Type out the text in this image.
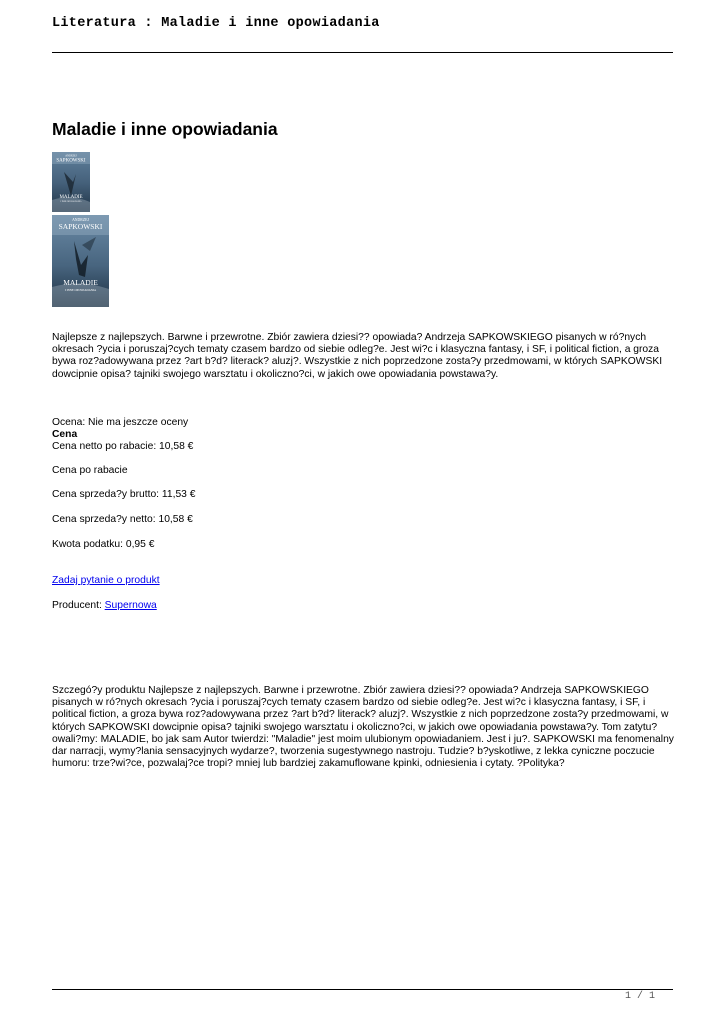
Literatura : Maladie i inne opowiadania
Maladie i inne opowiadania
ANDRZEJ
SAPKOWSKI
MALADIE
I INNE OPOWIADANIA
ANDRZEJ
SAPKOWSKI
MALADIE
I INNE OPOWIADANIA
Najlepsze z najlepszych. Barwne i przewrotne. Zbiór zawiera dziesi?? opowiada? Andrzeja SAPKOWSKIEGO pisanych w ró?nych okresach ?ycia i poruszaj?cych tematy czasem bardzo od siebie odleg?e. Jest wi?c i klasyczna fantasy, i SF, i political fiction, a groza bywa roz?adowywana przez ?art b?d? literack? aluzj?. Wszystkie z nich poprzedzone zosta?y przedmowami, w których SAPKOWSKI dowcipnie opisa? tajniki swojego warsztatu i okoliczno?ci, w jakich owe opowiadania powstawa?y.
Ocena: Nie ma jeszcze oceny
Cena
Cena netto po rabacie: 10,58 €
Cena po rabacie
Cena sprzeda?y brutto: 11,53 €
Cena sprzeda?y netto: 10,58 €
Kwota podatku: 0,95 €
Zadaj pytanie o produkt
Producent: Supernowa
Szczegó?y produktu Najlepsze z najlepszych. Barwne i przewrotne. Zbiór zawiera dziesi?? opowiada? Andrzeja SAPKOWSKIEGO pisanych w ró?nych okresach ?ycia i poruszaj?cych tematy czasem bardzo od siebie odleg?e. Jest wi?c i klasyczna fantasy, i SF, i political fiction, a groza bywa roz?adowywana przez ?art b?d? literack? aluzj?. Wszystkie z nich poprzedzone zosta?y przedmowami, w których SAPKOWSKI dowcipnie opisa? tajniki swojego warsztatu i okoliczno?ci, w jakich owe opowiadania powstawa?y. Tom zatytu?owali?my: MALADIE, bo jak sam Autor twierdzi: "Maladie" jest moim ulubionym opowiadaniem. Jest i ju?. SAPKOWSKI ma fenomenalny dar narracji, wymy?lania sensacyjnych wydarze?, tworzenia sugestywnego nastroju. Tudzie? b?yskotliwe, z lekka cyniczne poczucie humoru: trze?wi?ce, pozwalaj?ce tropi? mniej lub bardziej zakamuflowane kpinki, odniesienia i cytaty. ?Polityka?
1 / 1
